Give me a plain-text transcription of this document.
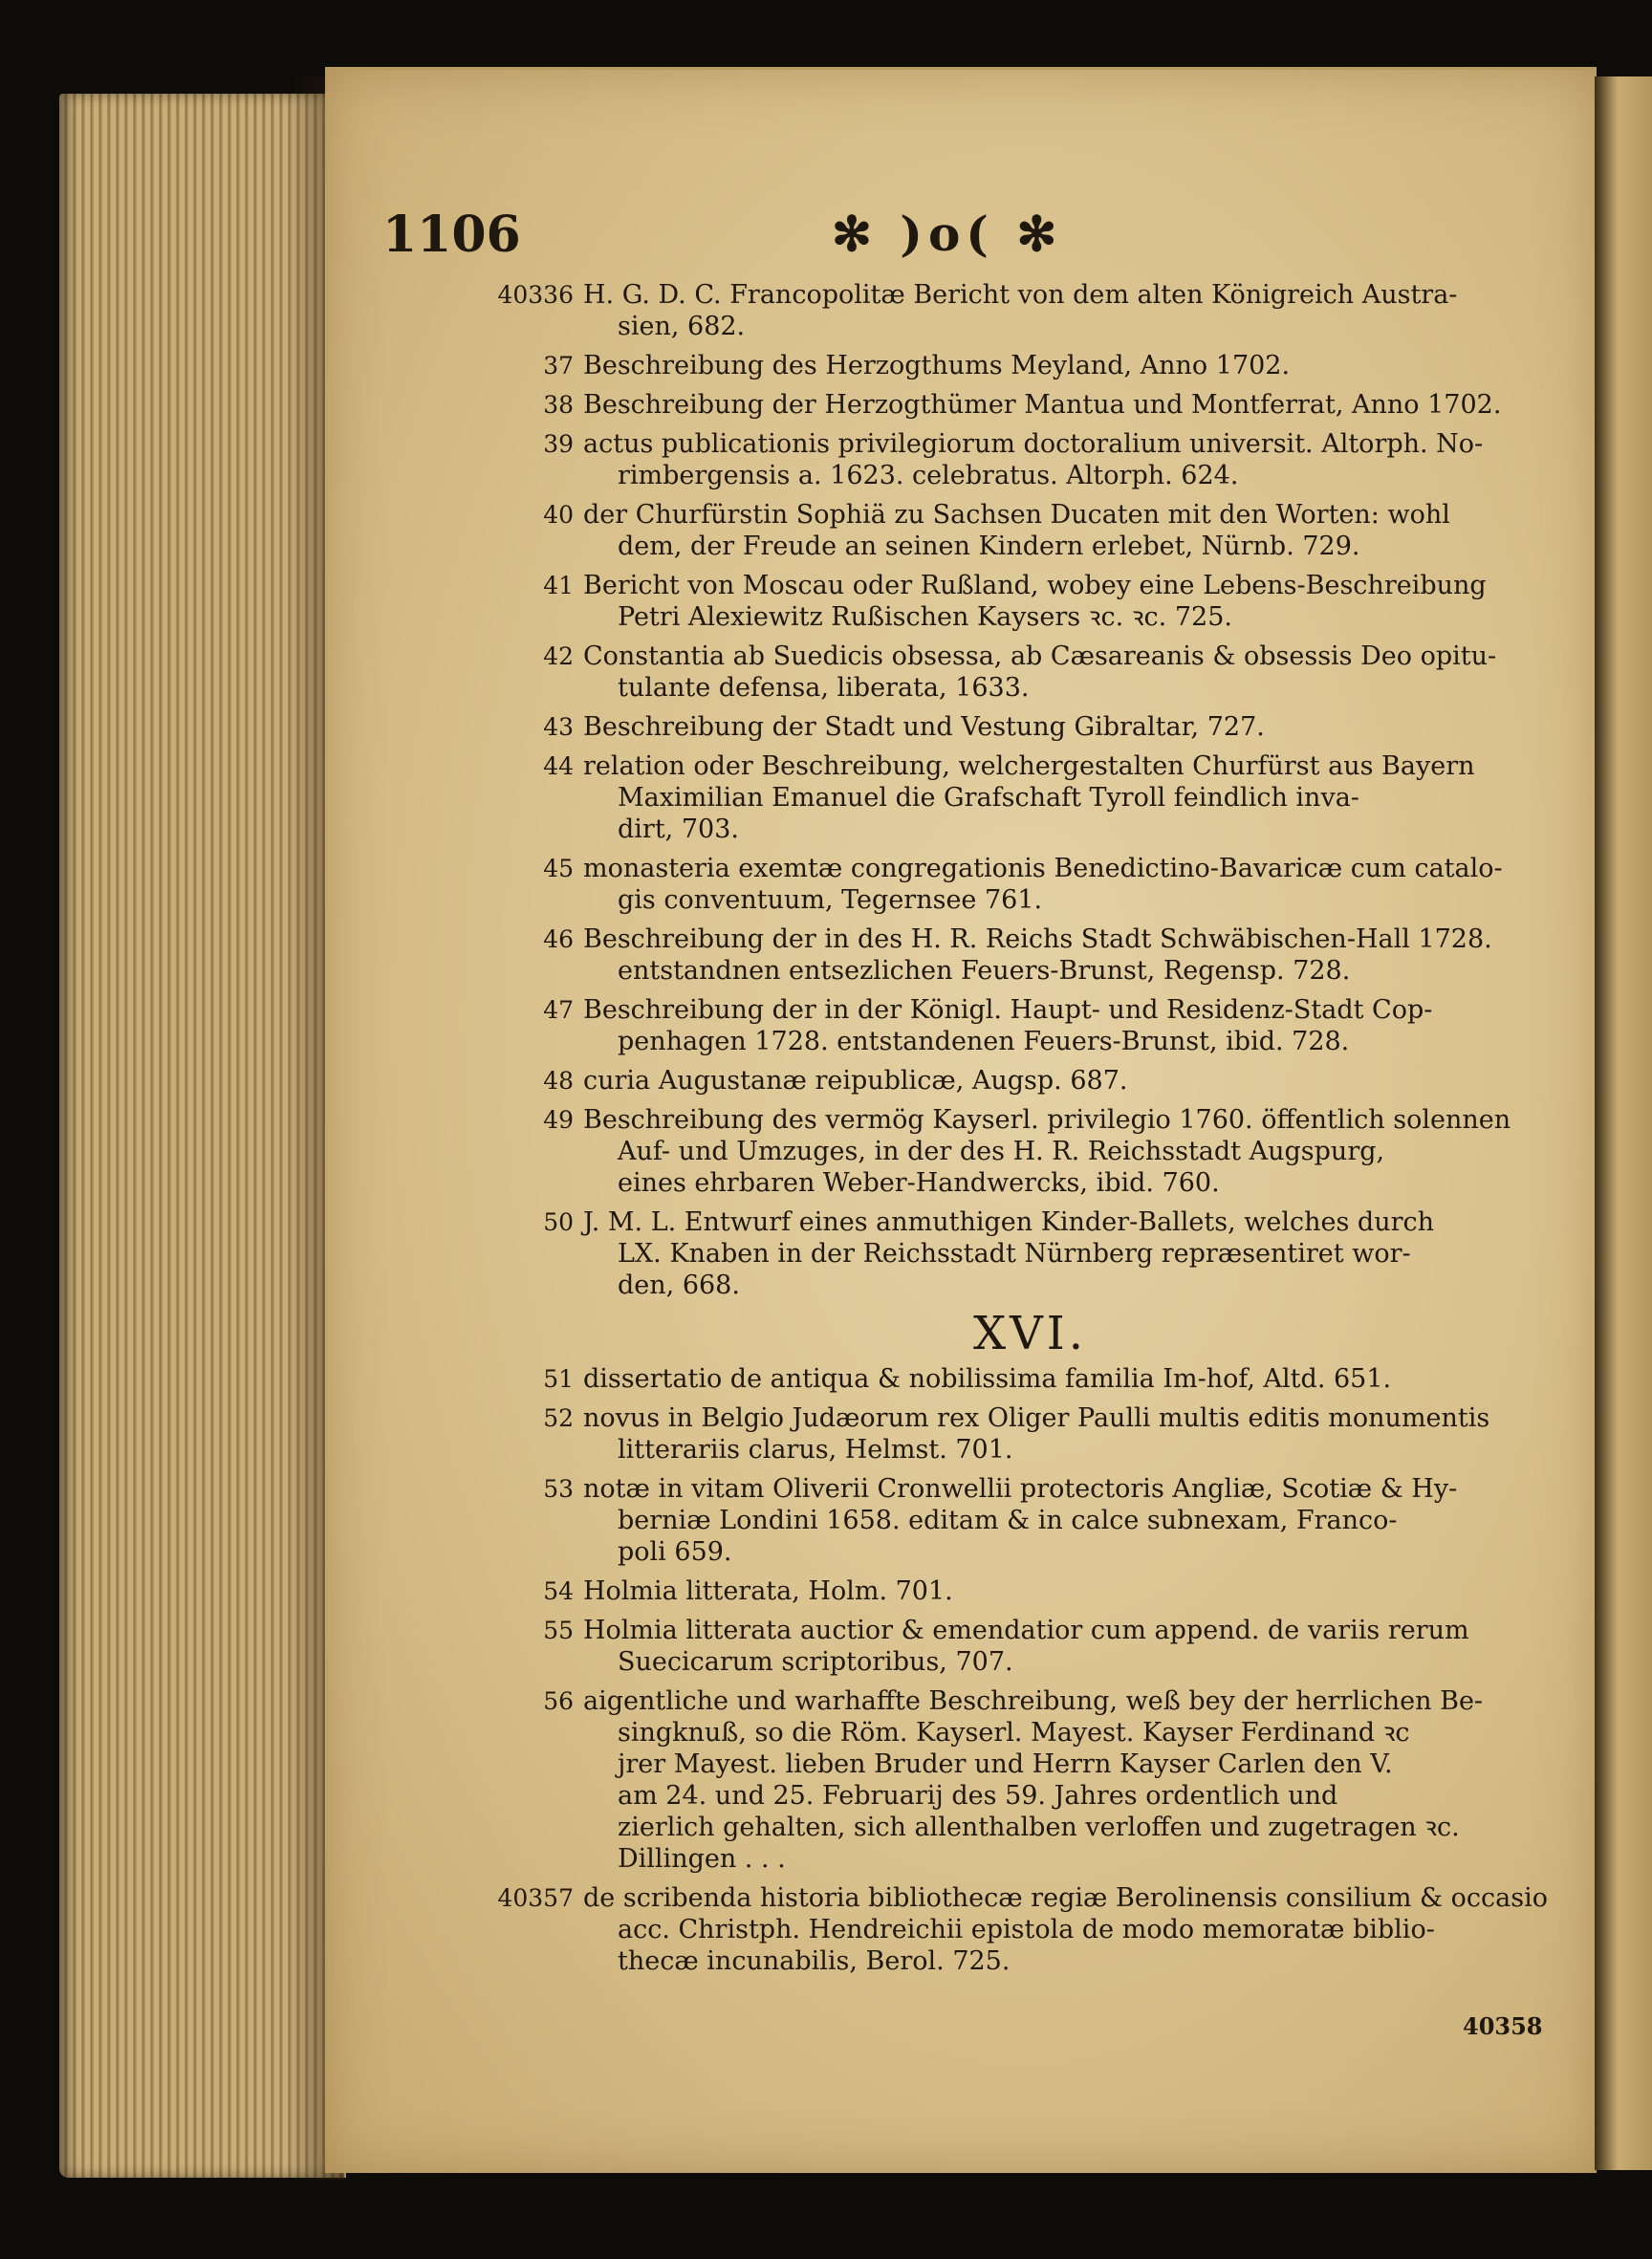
1106	✻ )o( ✻
40336 H. G. D. C. Francopolitæ Bericht von dem alten Königreich Austra-
sien, 682.
37 Beschreibung des Herzogthums Meyland, Anno 1702.
38 Beschreibung der Herzogthümer Mantua und Montferrat, Anno 1702.
39 actus publicationis privilegiorum doctoralium universit. Altorph. No-
rimbergensis a. 1623. celebratus. Altorph. 624.
40 der Churfürstin Sophiä zu Sachsen Ducaten mit den Worten: wohl
dem, der Freude an seinen Kindern erlebet, Nürnb. 729.
41 Bericht von Moscau oder Rußland, wobey eine Lebens-Beschreibung
Petri Alexiewitz Rußischen Kaysers ꝛc. ꝛc. 725.
42 Constantia ab Suedicis obsessa, ab Cæsareanis & obsessis Deo opitu-
tulante defensa, liberata, 1633.
43 Beschreibung der Stadt und Vestung Gibraltar, 727.
44 relation oder Beschreibung, welchergestalten Churfürst aus Bayern
Maximilian Emanuel die Grafschaft Tyroll feindlich inva-
dirt, 703.
45 monasteria exemtæ congregationis Benedictino-Bavaricæ cum catalo-
gis conventuum, Tegernsee 761.
46 Beschreibung der in des H. R. Reichs Stadt Schwäbischen-Hall 1728.
entstandnen entsezlichen Feuers-Brunst, Regensp. 728.
47 Beschreibung der in der Königl. Haupt- und Residenz-Stadt Cop-
penhagen 1728. entstandenen Feuers-Brunst, ibid. 728.
48 curia Augustanæ reipublicæ, Augsp. 687.
49 Beschreibung des vermög Kayserl. privilegio 1760. öffentlich solennen
Auf- und Umzuges, in der des H. R. Reichsstadt Augspurg,
eines ehrbaren Weber-Handwercks, ibid. 760.
50 J. M. L. Entwurf eines anmuthigen Kinder-Ballets, welches durch
LX. Knaben in der Reichsstadt Nürnberg repræsentiret wor-
den, 668.
XVI.
51 dissertatio de antiqua & nobilissima familia Im-hof, Altd. 651.
52 novus in Belgio Judæorum rex Oliger Paulli multis editis monumentis
litterariis clarus, Helmst. 701.
53 notæ in vitam Oliverii Cronwellii protectoris Angliæ, Scotiæ & Hy-
berniæ Londini 1658. editam & in calce subnexam, Franco-
poli 659.
54 Holmia litterata, Holm. 701.
55 Holmia litterata auctior & emendatior cum append. de variis rerum
Suecicarum scriptoribus, 707.
56 aigentliche und warhaffte Beschreibung, weß bey der herrlichen Be-
singknuß, so die Röm. Kayserl. Mayest. Kayser Ferdinand ꝛc
jrer Mayest. lieben Bruder und Herrn Kayser Carlen den V.
am 24. und 25. Februarij des 59. Jahres ordentlich und
zierlich gehalten, sich allenthalben verloffen und zugetragen ꝛc.
Dillingen . . .
40357 de scribenda historia bibliothecæ regiæ Berolinensis consilium & occasio
acc. Christph. Hendreichii epistola de modo memoratæ biblio-
thecæ incunabilis, Berol. 725.
40358
